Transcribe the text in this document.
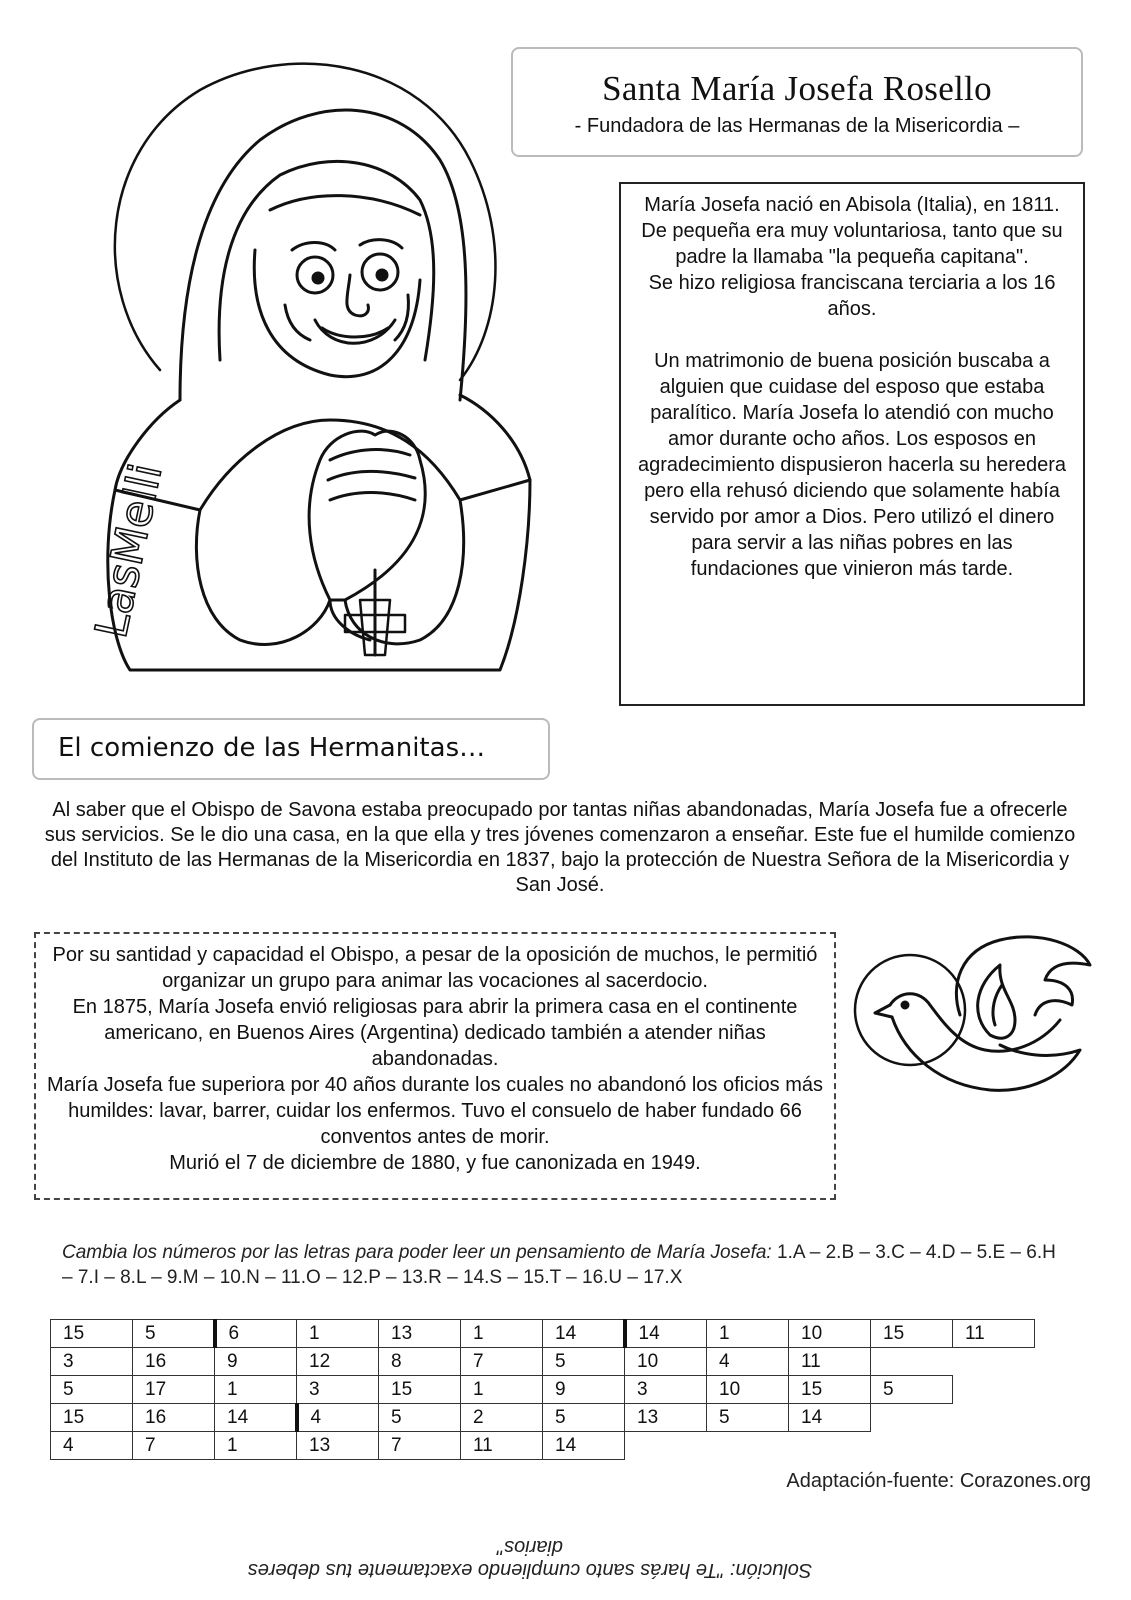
Santa María Josefa Rosello
- Fundadora de las Hermanas de la Misericordia –
LasMelli

María Josefa nació en Abisola (Italia), en 1811.

De pequeña era muy voluntariosa, tanto que su padre la llamaba "la pequeña capitana".

Se hizo religiosa franciscana terciaria a los 16 años.

Un matrimonio de buena posición buscaba a alguien que cuidase del esposo que estaba paralítico. María Josefa lo atendió con mucho amor durante ocho años. Los esposos en agradecimiento dispusieron hacerla su heredera pero ella rehusó diciendo que solamente había servido por amor a Dios. Pero utilizó el dinero para servir a las niñas pobres en las fundaciones que vinieron más tarde.

El comienzo de las Hermanitas…

Al saber que el Obispo de Savona estaba preocupado por tantas niñas abandonadas, María Josefa fue a ofrecerle sus servicios. Se le dio una casa, en la que ella y tres jóvenes comenzaron a enseñar. Este fue el humilde comienzo del Instituto de las Hermanas de la Misericordia en 1837, bajo la protección de Nuestra Señora de la Misericordia y San José.

Por su santidad y capacidad el Obispo, a pesar de la oposición de muchos, le permitió organizar un grupo para animar las vocaciones al sacerdocio.

En 1875, María Josefa envió religiosas para abrir la primera casa en el continente americano, en Buenos Aires (Argentina) dedicado también a atender niñas abandonadas.

María Josefa fue superiora por 40 años durante los cuales no abandonó los oficios más humildes: lavar, barrer, cuidar los enfermos. Tuvo el consuelo de haber fundado 66 conventos antes de morir.

Murió el 7 de diciembre de 1880, y fue canonizada en 1949.

Cambia los números por las letras para poder leer un pensamiento de María Josefa: 1.A – 2.B – 3.C – 4.D – 5.E – 6.H – 7.I – 8.L – 9.M – 10.N – 11.O – 12.P – 13.R – 14.S – 15.T – 16.U – 17.X
15	5	6	1	13	1	14	14	1	10	15	11
3	16	9	12	8	7	5	10	4	11		
5	17	1	3	15	1	9	3	10	15	5	
15	16	14	4	5	2	5	13	5	14		
4	7	1	13	7	11	14					
Adaptación-fuente: Corazones.org
Solución: "Te harás santo cumpliendo exactamente tus deberes diarios"
